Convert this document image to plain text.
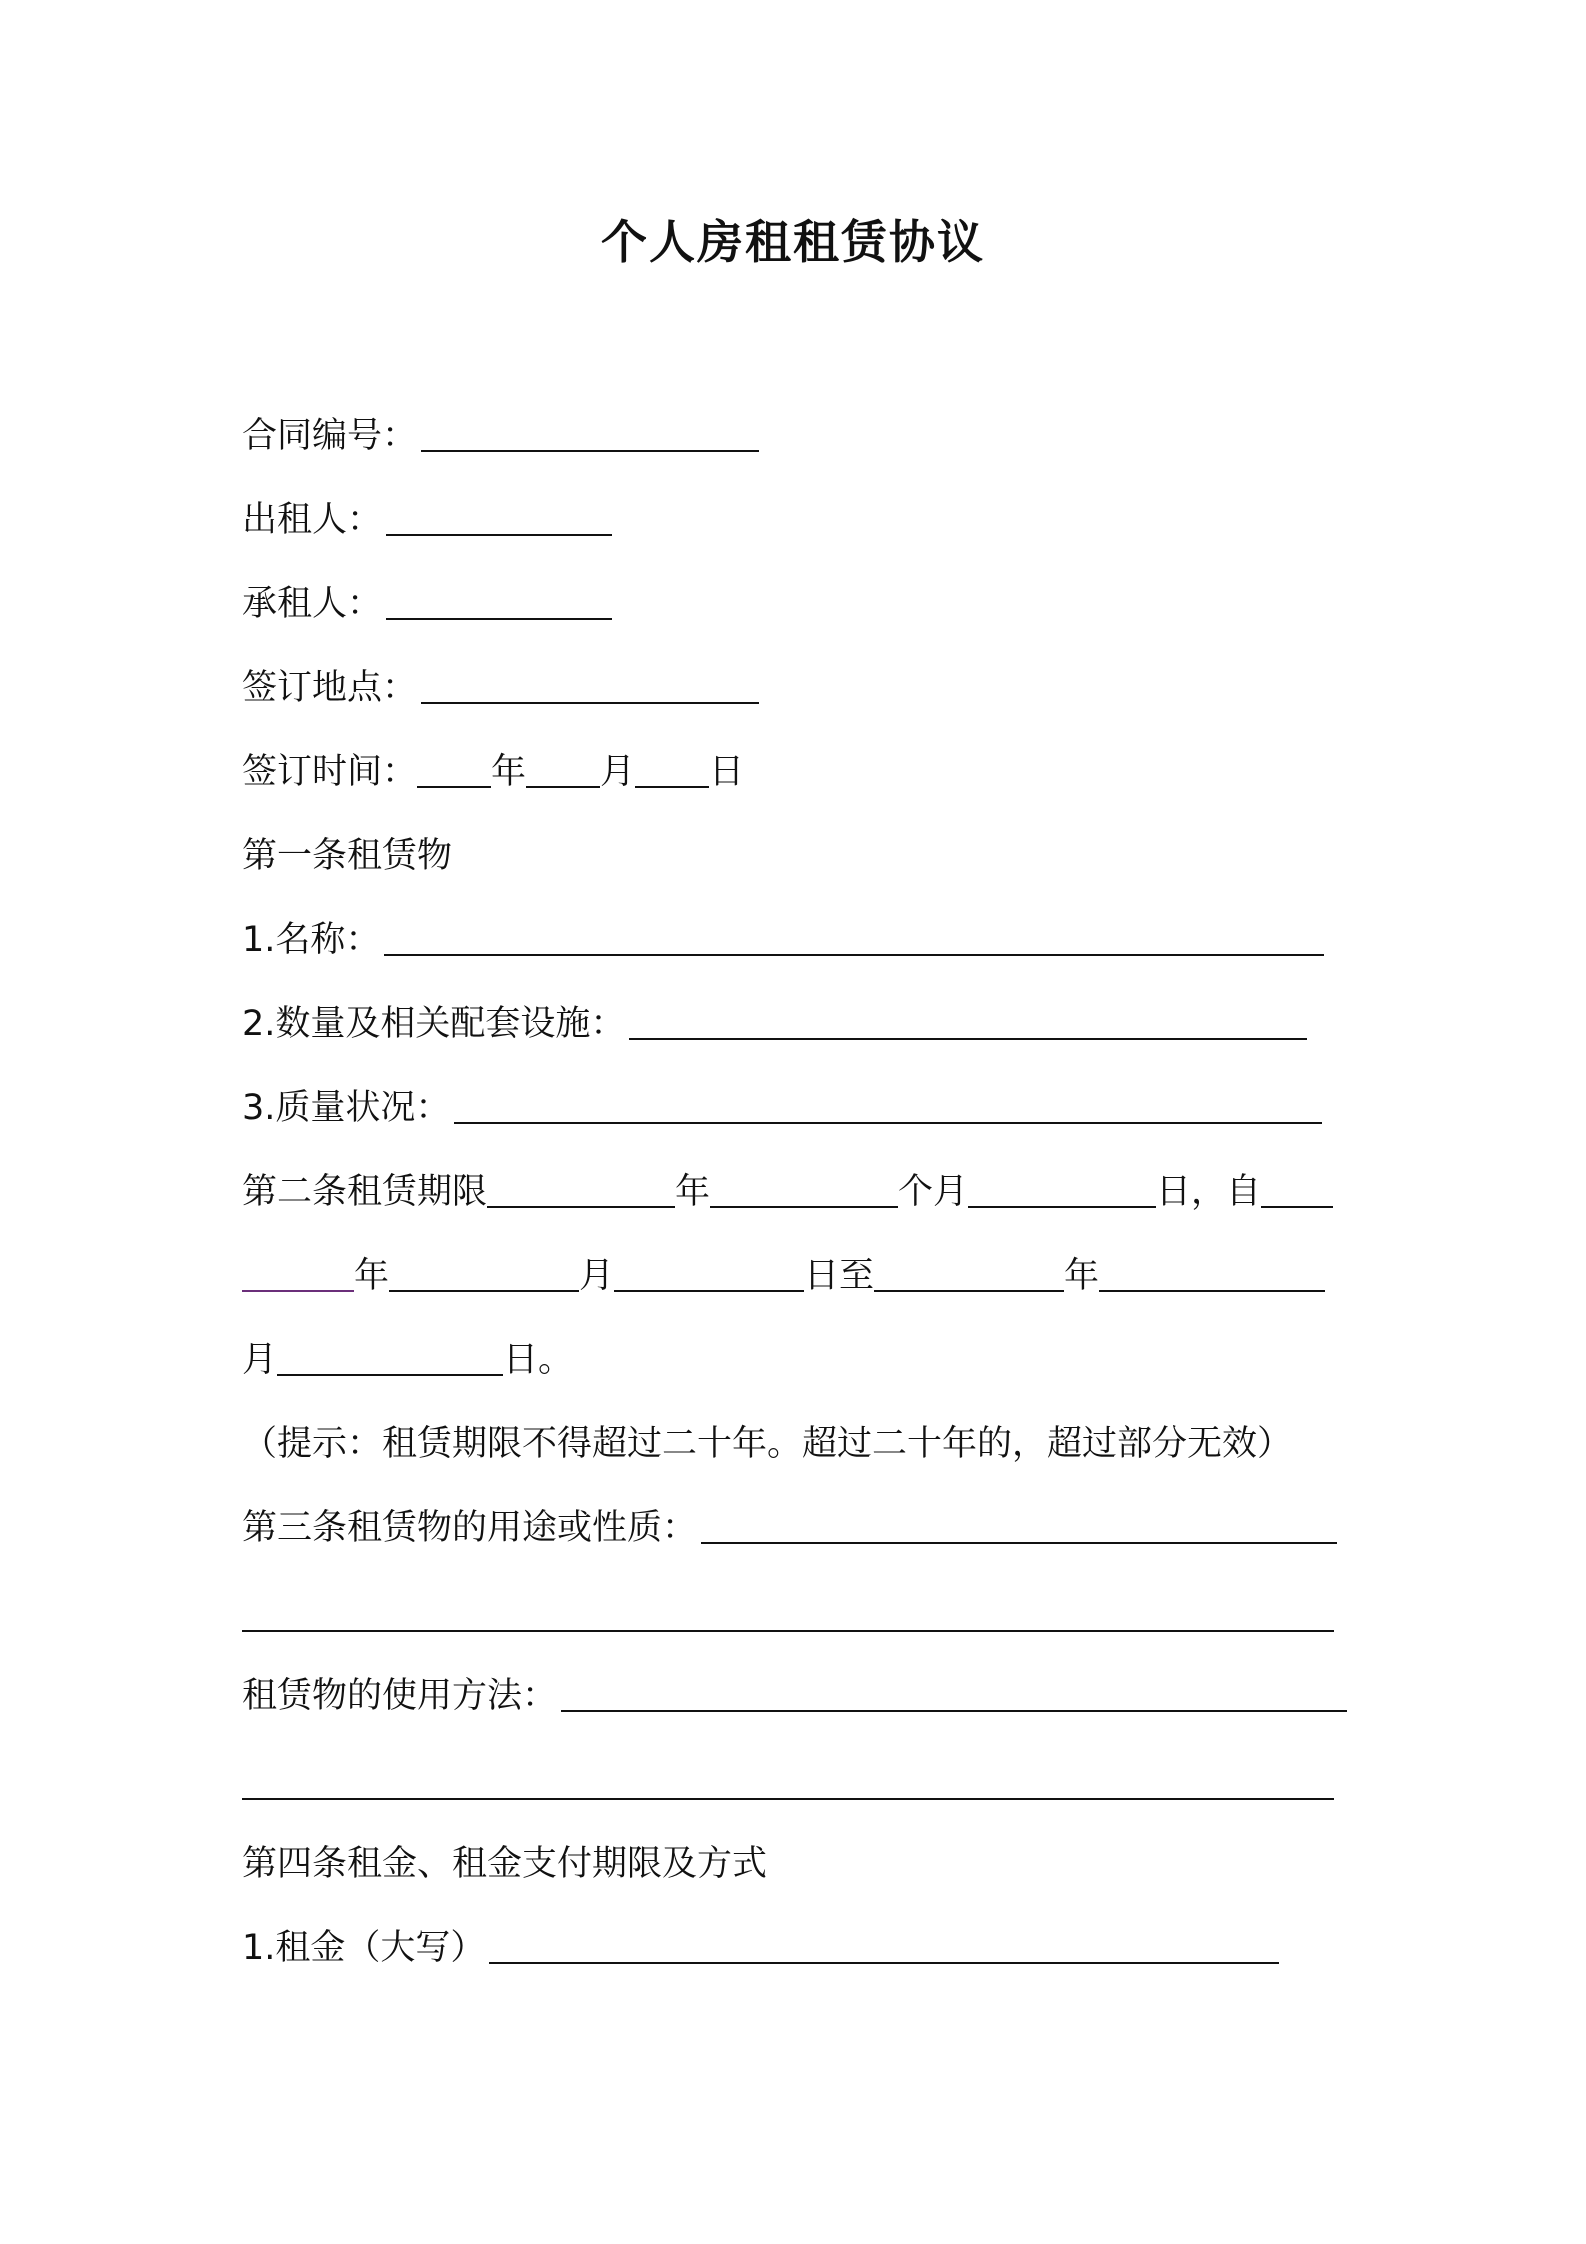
个人房租租赁协议
合同编号：
出租人：
承租人：
签订地点：
签订时间： 年 月 日
第一条租赁物
1.名称：
2.数量及相关配套设施：
3.质量状况：
第二条租赁期限	年	个月	日，自
年	月	日至	年
月	日。
（提示：租赁期限不得超过二十年。超过二十年的，超过部分无效）
第三条租赁物的用途或性质：
租赁物的使用方法：
第四条租金、租金支付期限及方式
1.租金（大写）
